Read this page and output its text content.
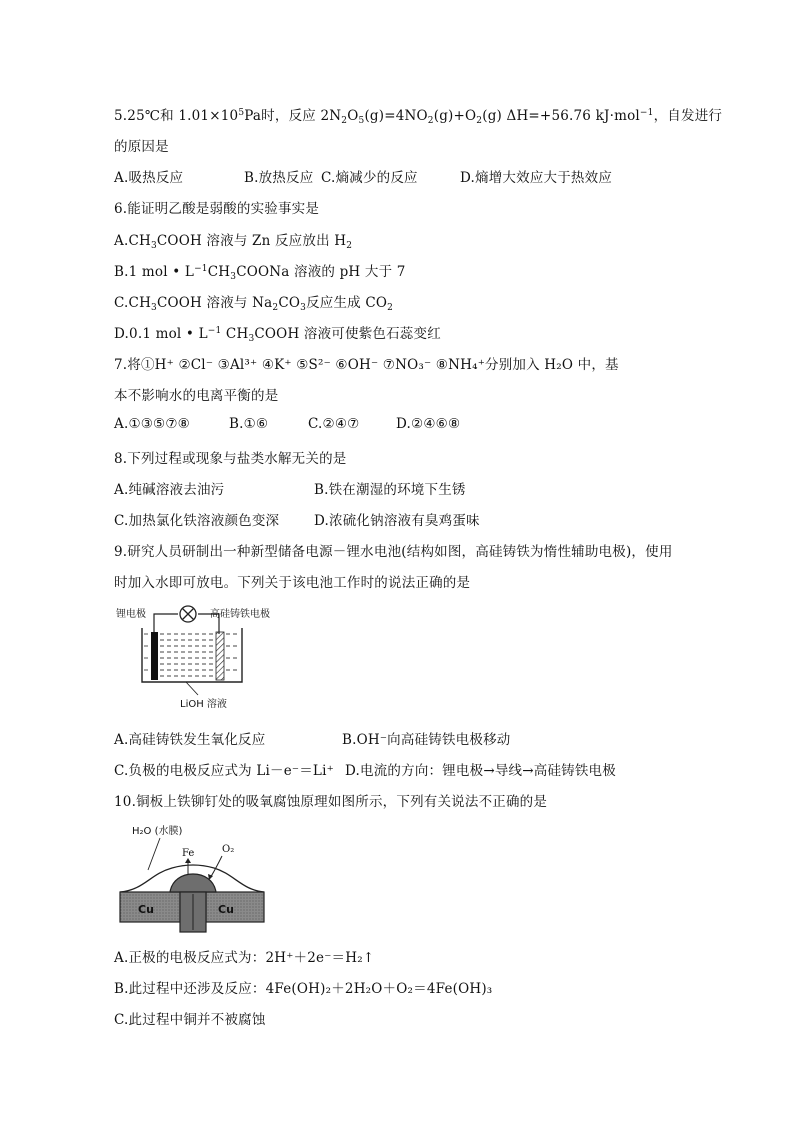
5.25℃和 $1.01\times 10^5Pa$时，反应 $2N_2O_5(g)=4NO_2(g)+O_2(g)$ ΔH=+56.76 kJ·mol$^{-1}$，自发进行
的原因是
A.吸热反应	B.放热反应 C.熵减少的反应	D.熵增大效应大于热效应
6.能证明乙酸是弱酸的实验事实是
$A.CH_3COOH$ 溶液与 Zn 反应放出 $H_2$
B.1 mol • $L^{-1}CH_3COONa$ 溶液的 pH 大于 7
$C.CH_3COOH$ 溶液与 $Na_2CO_3$反应生成 $CO_2$
D.0.1 mol • $L^{-1}$ $CH_3COOH$ 溶液可使紫色石蕊变红
7.将①H⁺ ②Cl⁻ ③Al³⁺ ④K⁺ ⑤S²⁻ ⑥OH⁻ ⑦NO₃⁻ ⑧NH₄⁺分别加入 H₂O 中，基
本不影响水的电离平衡的是
A.①③⑤⑦⑧	B.①⑥	C.②④⑦	D.②④⑥⑧
8.下列过程或现象与盐类水解无关的是
A.纯碱溶液去油污	B.铁在潮湿的环境下生锈
C.加热氯化铁溶液颜色变深	D.浓硫化钠溶液有臭鸡蛋味
9.研究人员研制出一种新型储备电源－锂水电池(结构如图，高硅铸铁为惰性辅助电极)，使用
时加入水即可放电。下列关于该电池工作时的说法正确的是
锂电极	高硅铸铁电极
LiOH 溶液
A.高硅铸铁发生氧化反应	B.OH⁻向高硅铸铁电极移动
C.负极的电极反应式为 Li－e⁻＝Li⁺ D.电流的方向：锂电极→导线→高硅铸铁电极
10.铜板上铁铆钉处的吸氧腐蚀原理如图所示，下列有关说法不正确的是
H₂O (水膜)
Fe	O₂
Cu	Cu
A.正极的电极反应式为：2H⁺＋2e⁻＝H₂↑
B.此过程中还涉及反应：4Fe(OH)₂＋2H₂O＋O₂＝4Fe(OH)₃
C.此过程中铜并不被腐蚀
